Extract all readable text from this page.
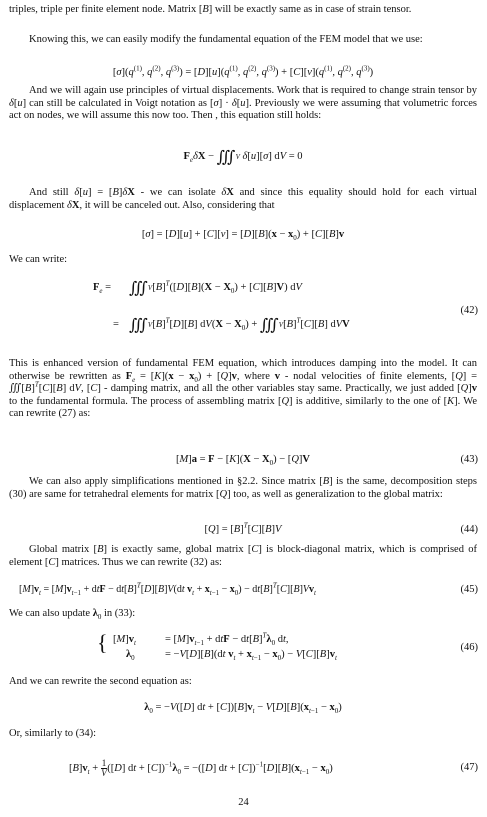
triples, triple per finite element node. Matrix [B] will be exactly same as in case of strain tensor.

Knowing this, we can easily modify the fundamental equation of the FEM model that we use:

$[\sigma](q^{(1)}$, $q^{(2)}$, $q^{(3)}) = [D][u](q^{(1)}$, $q^{(2)}$, $q^{(3)}) + [C][v](q^{(1)}$, $q^{(2)}$, $q^{(3)}$)

And we will again use principles of virtual displacements. Work that is required to change strain tensor by δ[u] can still be calculated in Voigt notation as [σ] · δ[u]. Previously we were assuming that volumetric forces act on nodes, we will assume this now too. Then , this equation still holds:

$F_e\delta X$ − ∭V δ[u][σ] dV = 0

And still δ[u] = [B]δX - we can isolate δX and since this equality should hold for each virtual displacement δX, it will be canceled out. Also, considering that

$[\sigma] = [D][u] + [C][v] = [D][B](x - x_0) + [C][B]v$

We can write:

$F_e$ = $∭V[B]^T([D][B](X - X_0) + [C][B]V)$ dV
= $∭V[B]^T[D][B] dV(X - X_0)$ + $∭V[B]^T[C][B]$ dVV
(42)

This is enhanced version of fundamental FEM equation, which introduces damping into the model. It can otherwise be rewritten as $F_e = [K](x - x_0) + [Q]v$, where v - nodal velocities of finite elements, $[Q] = ∭[B]^T[C][B]$ dV, [C] - damping matrix, and all the other variables stay same. Practically, we just added [Q]v to the fundamental formula. The process of assembling matrix [Q] is additive, similarly to the one of [K]. We can rewrite (27) as:

$[M]a = F - [K](X - X_0) - [Q]V$	(43)

We can also apply simplifications mentioned in §2.2. Since matrix [B] is the same, decomposition steps (30) are same for tetrahedral elements for matrix [Q] too, as well as generalization to the global matrix:

$[Q] = [B]^T[C][B]V$	(44)

Global matrix [B] is exactly same, global matrix [C] is block-diagonal matrix, which is comprised of element [C] matrices. Thus we can rewrite (32) as:

$[M]v_t = [M]v_{t-1}$ + dtF − $dt[B]^T[D][B]V(dt$ $v_t + x_{t-1} - x_0) - dt[B]^T[C][B]Vv_t$	(45)

We can also update $\lambda_0$ in (33):

{ $[M]v_t$	= $[M]v_{t-1}$ + dtF − $dt[B]^T\lambda_0$ dt,
$\lambda_0$	= −V[D][B](dt $v_t + x_{t-1} - x_0) - V[C][B]v_t$
(46)

And we can rewrite the second equation as:

$\lambda_0 = -V([D]$ dt + $[C])[B]v_t - V[D][B](x_{t-1} - x_0)$

Or, similarly to (34):

$[B]v_t + \frac{1}{V} ([D]$ dt + $[C])^{-1}\lambda_0 = -([D]$ dt + $[C])^{-1}[D][B](x_{t-1} - x_0)$	(47)
24
